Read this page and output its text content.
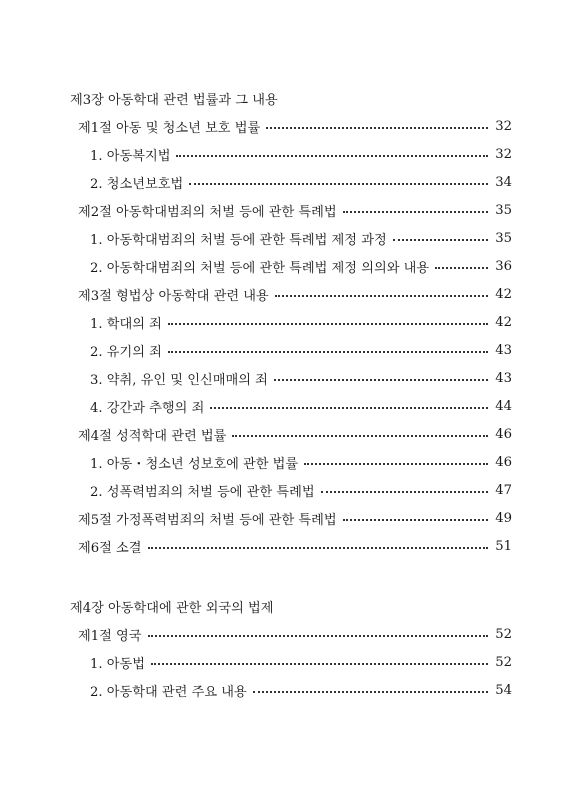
제3장 아동학대 관련 법률과 그 내용
제1절 아동 및 청소년 보호 법률	32
1. 아동복지법	32
2. 청소년보호법	34
제2절 아동학대범죄의 처벌 등에 관한 특례법	35
1. 아동학대범죄의 처벌 등에 관한 특례법 제정 과정	35
2. 아동학대범죄의 처벌 등에 관한 특례법 제정 의의와 내용	36
제3절 형법상 아동학대 관련 내용	42
1. 학대의 죄	42
2. 유기의 죄	43
3. 약취, 유인 및 인신매매의 죄	43
4. 강간과 추행의 죄	44
제4절 성적학대 관련 법률	46
1. 아동・청소년 성보호에 관한 법률	46
2. 성폭력범죄의 처벌 등에 관한 특례법	47
제5절 가정폭력범죄의 처벌 등에 관한 특례법	49
제6절 소결	51
제4장 아동학대에 관한 외국의 법제
제1절 영국	52
1. 아동법	52
2. 아동학대 관련 주요 내용	54
